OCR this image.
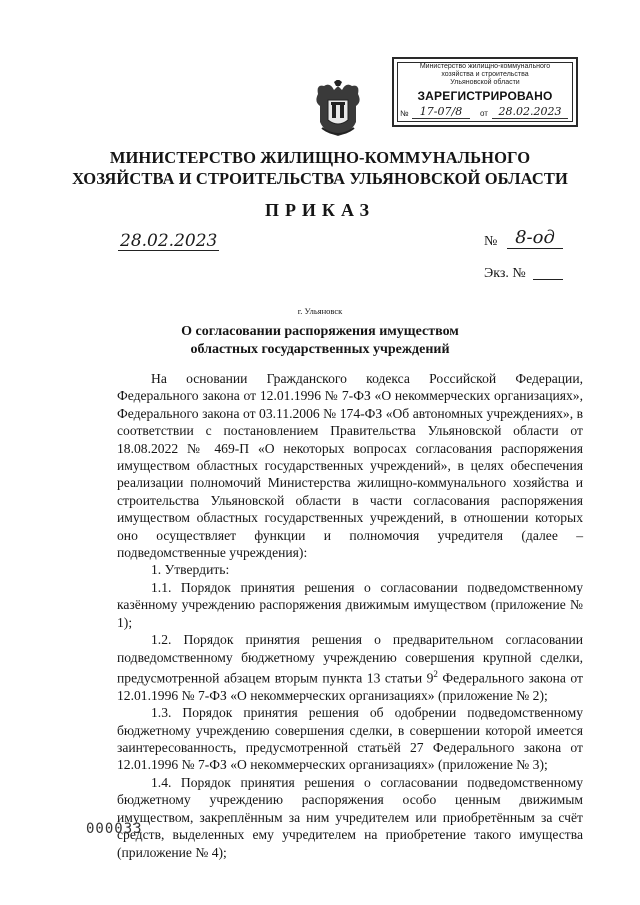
Министерство жилищно-коммунального
хозяйства и строительства
Ульяновской области
ЗАРЕГИСТРИРОВАНО
№	17-07/8	от 28.02.2023
МИНИСТЕРСТВО ЖИЛИЩНО-КОММУНАЛЬНОГО
ХОЗЯЙСТВА И СТРОИТЕЛЬСТВА УЛЬЯНОВСКОЙ ОБЛАСТИ
ПРИКАЗ
28.02.2023	№ 8-од
Экз. №
г. Ульяновск
О согласовании распоряжения имуществом
областных государственных учреждений

На основании Гражданского кодекса Российской Федерации, Федерального закона от 12.01.1996 № 7-ФЗ «О некоммерческих организациях», Федерального закона от 03.11.2006 № 174-ФЗ «Об автономных учреждениях», в соответствии с постановлением Правительства Ульяновской области от 18.08.2022 № 469-П «О некоторых вопросах согласования распоряжения имуществом областных государственных учреждений», в целях обеспечения реализации полномочий Министерства жилищно-коммунального хозяйства и строительства Ульяновской области в части согласования распоряжения имуществом областных государственных учреждений, в отношении которых оно осуществляет функции и полномочия учредителя (далее – подведомственные учреждения):

1. Утвердить:

1.1. Порядок принятия решения о согласовании подведомственному казённому учреждению распоряжения движимым имуществом (приложение № 1);

1.2. Порядок принятия решения о предварительном согласовании подведомственному бюджетному учреждению совершения крупной сделки, предусмотренной абзацем вторым пункта 13 статьи $9^2$ Федерального закона от 12.01.1996 № 7-ФЗ «О некоммерческих организациях» (приложение № 2);

1.3. Порядок принятия решения об одобрении подведомственному бюджетному учреждению совершения сделки, в совершении которой имеется заинтересованность, предусмотренной статьёй 27 Федерального закона от 12.01.1996 № 7-ФЗ «О некоммерческих организациях» (приложение № 3);

1.4. Порядок принятия решения о согласовании подведомственному бюджетному учреждению распоряжения особо ценным движимым имуществом, закреплённым за ним учредителем или приобретённым за счёт средств, выделенных ему учредителем на приобретение такого имущества (приложение № 4);

000033
